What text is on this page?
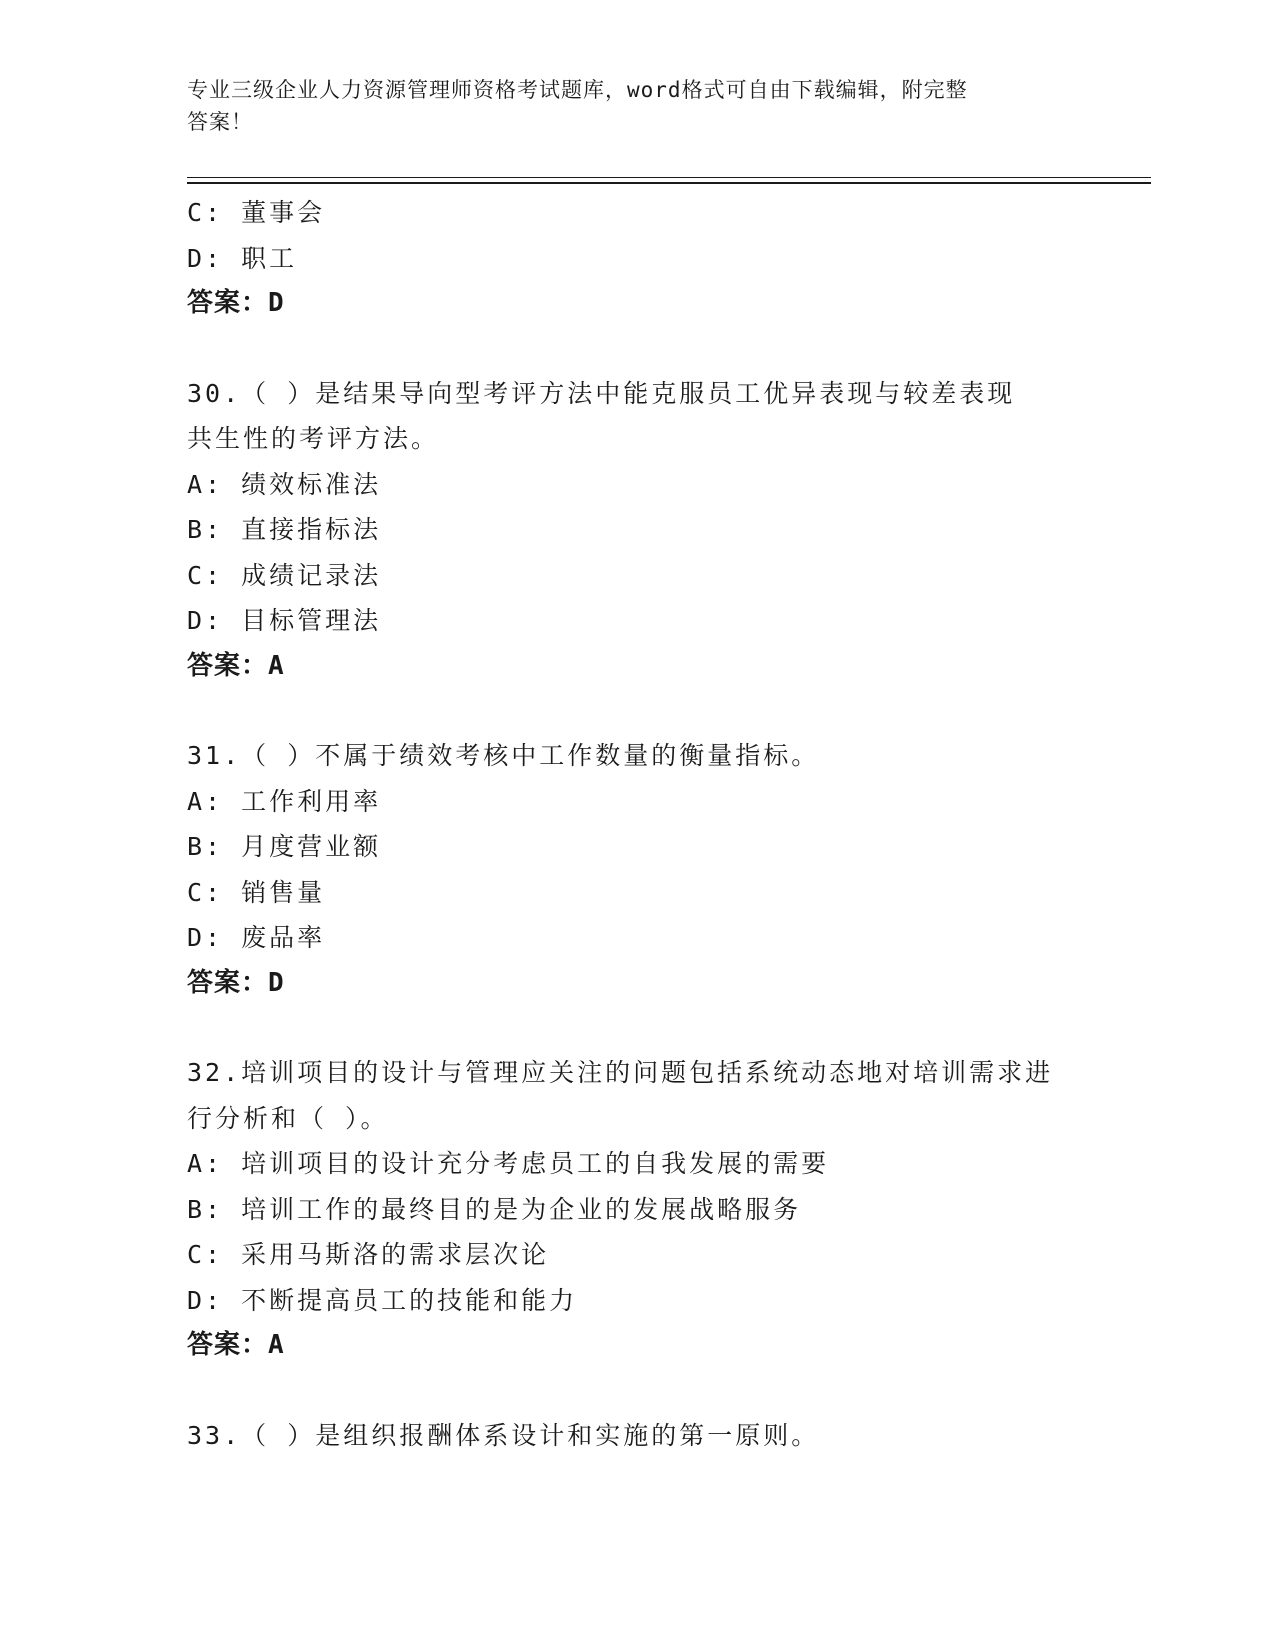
专业三级企业人力资源管理师资格考试题库，word格式可自由下载编辑，附完整
答案！
C: 董事会
D: 职工
答案：D
30.（ ）是结果导向型考评方法中能克服员工优异表现与较差表现
共生性的考评方法。
A: 绩效标准法
B: 直接指标法
C: 成绩记录法
D: 目标管理法
答案：A
31.（ ）不属于绩效考核中工作数量的衡量指标。
A: 工作利用率
B: 月度营业额
C: 销售量
D: 废品率
答案：D
32.培训项目的设计与管理应关注的问题包括系统动态地对培训需求进
行分析和（ ）。
A: 培训项目的设计充分考虑员工的自我发展的需要
B: 培训工作的最终目的是为企业的发展战略服务
C: 采用马斯洛的需求层次论
D: 不断提高员工的技能和能力
答案：A
33.（ ）是组织报酬体系设计和实施的第一原则。
